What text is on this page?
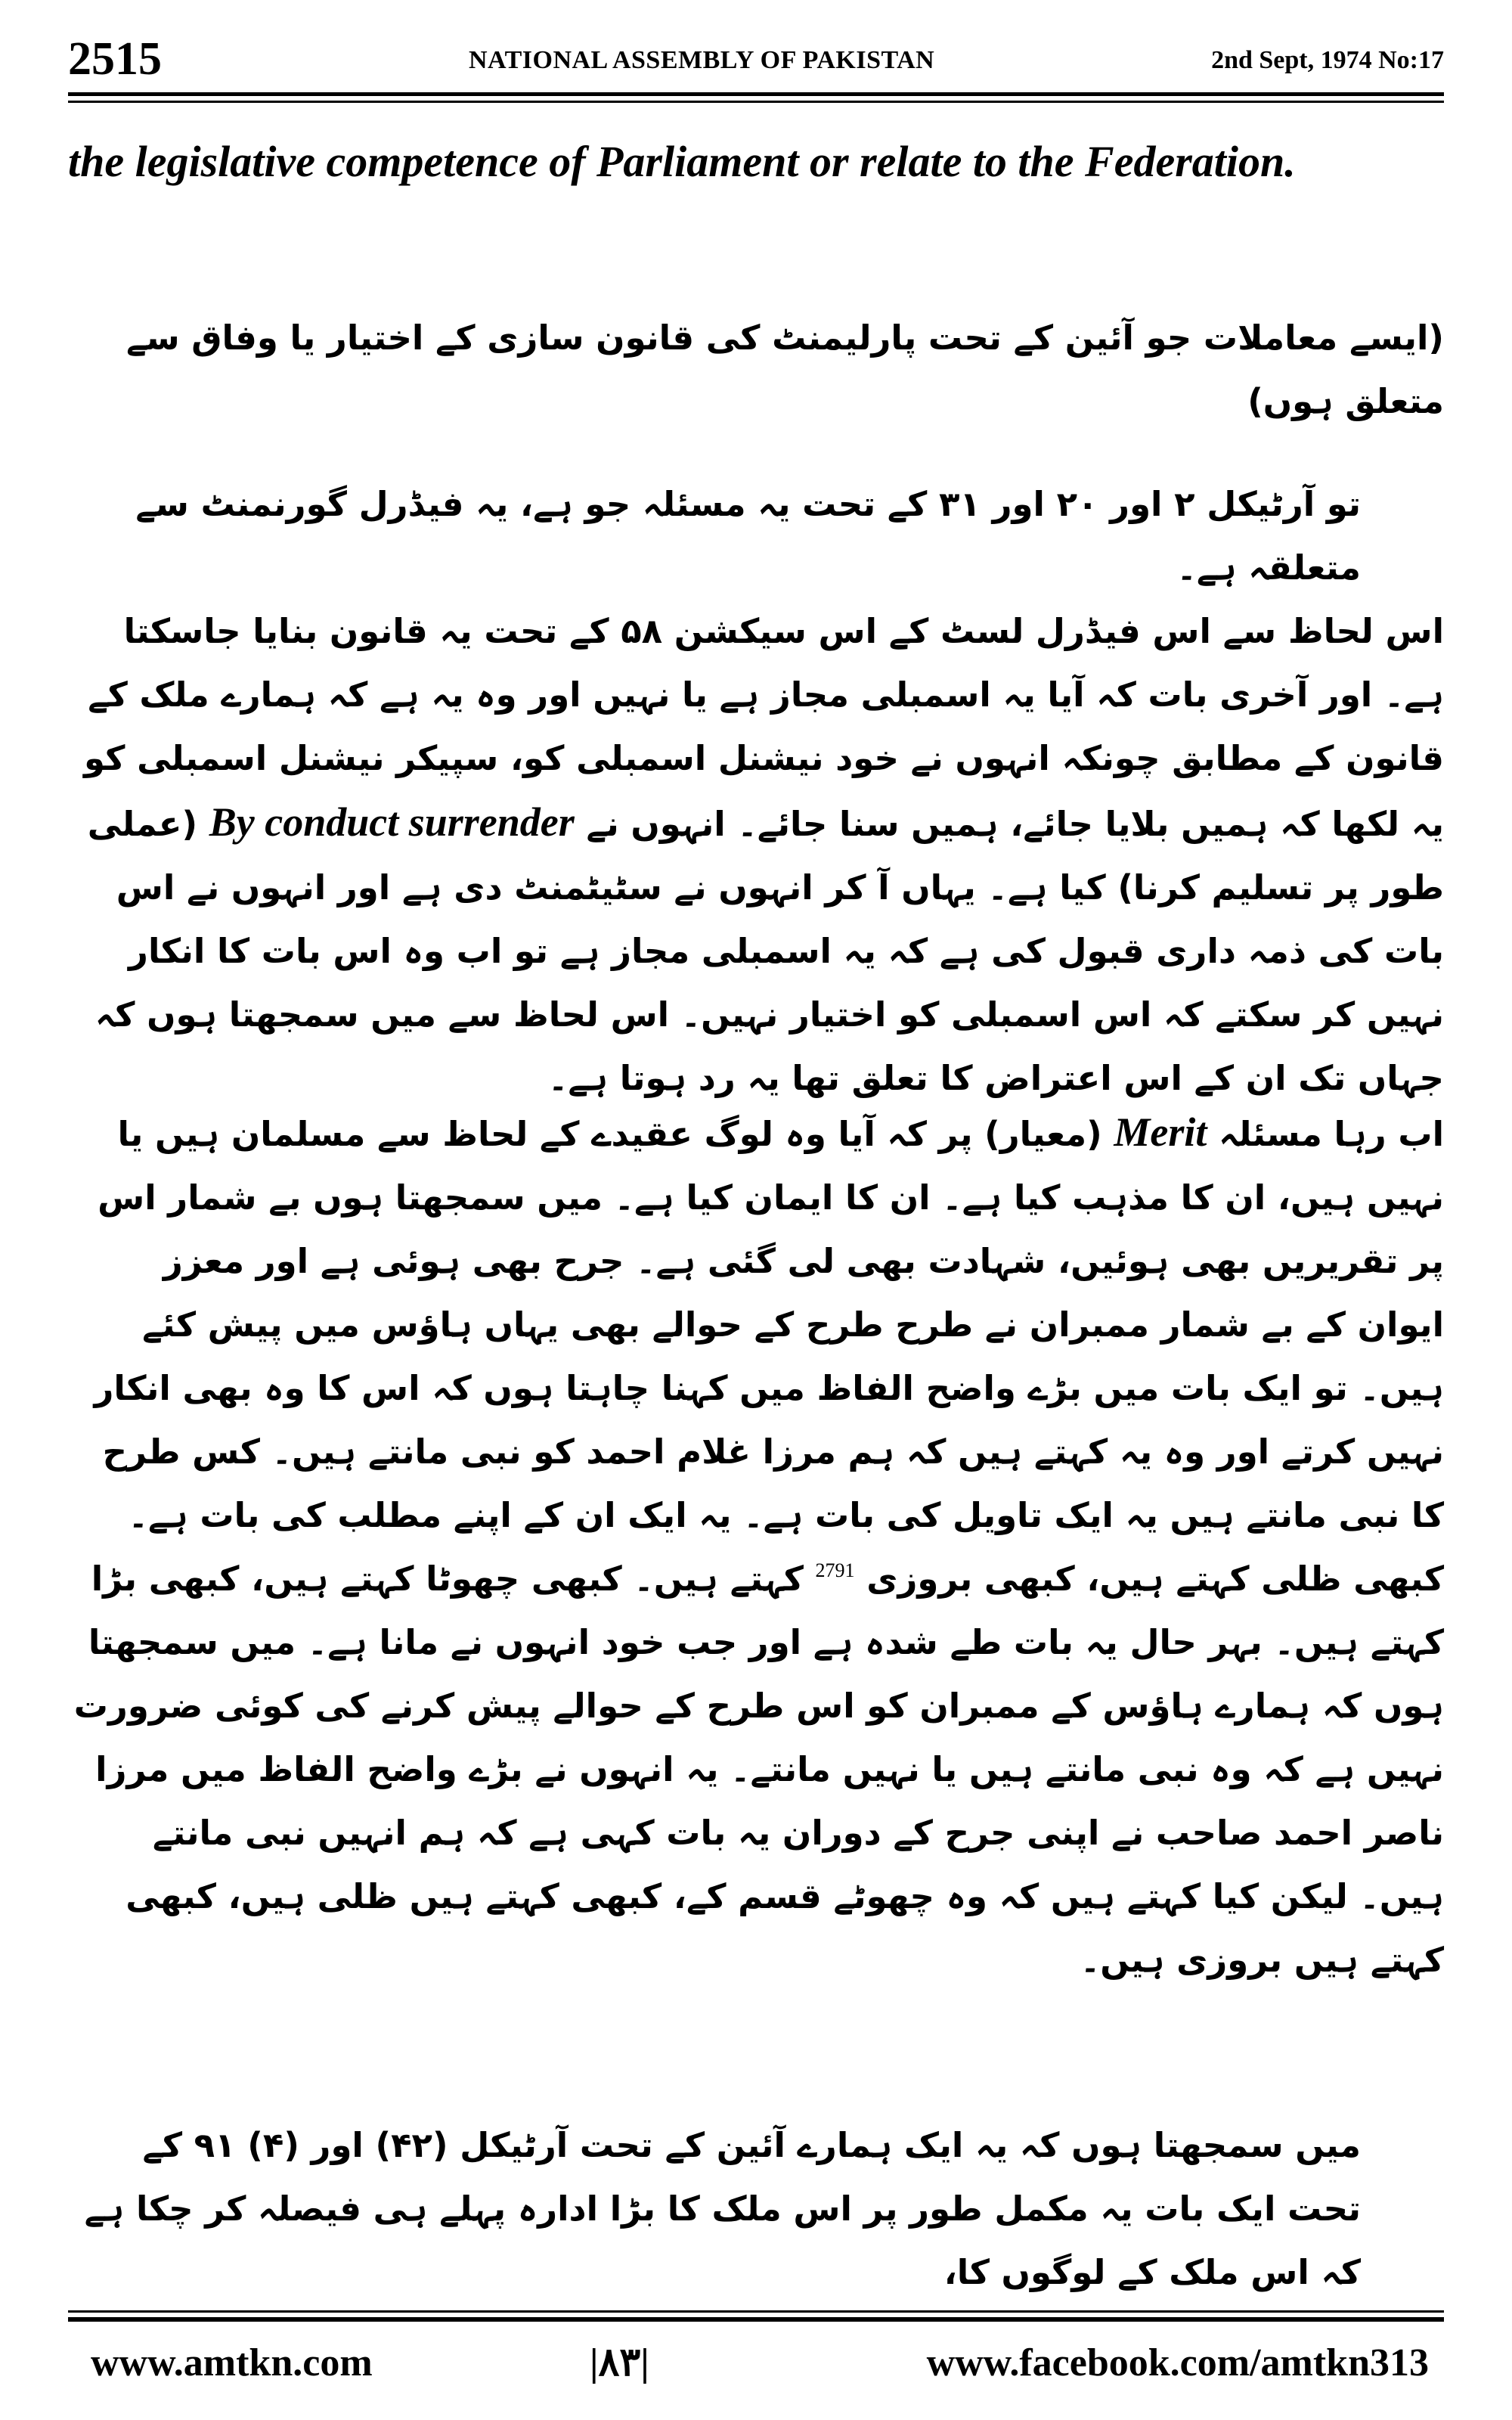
2515	NATIONAL ASSEMBLY OF PAKISTAN	2nd Sept, 1974 No:17
the legislative competence of Parliament or relate to the Federation.

(ایسے معاملات جو آئین کے تحت پارلیمنٹ کی قانون سازی کے اختیار یا وفاق سے متعلق ہوں)

تو آرٹیکل ۲ اور ۲۰ اور ۳۱ کے تحت یہ مسئلہ جو ہے، یہ فیڈرل گورنمنٹ سے متعلقہ ہے۔

اس لحاظ سے اس فیڈرل لسٹ کے اس سیکشن ۵۸ کے تحت یہ قانون بنایا جاسکتا ہے۔ اور آخری بات کہ آیا یہ اسمبلی مجاز ہے یا نہیں اور وہ یہ ہے کہ ہمارے ملک کے قانون کے مطابق چونکہ انہوں نے خود نیشنل اسمبلی کو، سپیکر نیشنل اسمبلی کو یہ لکھا کہ ہمیں بلایا جائے، ہمیں سنا جائے۔ انہوں نے By conduct surrender (عملی طور پر تسلیم کرنا) کیا ہے۔ یہاں آ کر انہوں نے سٹیٹمنٹ دی ہے اور انہوں نے اس بات کی ذمہ داری قبول کی ہے کہ یہ اسمبلی مجاز ہے تو اب وہ اس بات کا انکار نہیں کر سکتے کہ اس اسمبلی کو اختیار نہیں۔ اس لحاظ سے میں سمجھتا ہوں کہ جہاں تک ان کے اس اعتراض کا تعلق تھا یہ رد ہوتا ہے۔

اب رہا مسئلہ Merit (معیار) پر کہ آیا وہ لوگ عقیدے کے لحاظ سے مسلمان ہیں یا نہیں ہیں، ان کا مذہب کیا ہے۔ ان کا ایمان کیا ہے۔ میں سمجھتا ہوں بے شمار اس پر تقریریں بھی ہوئیں، شہادت بھی لی گئی ہے۔ جرح بھی ہوئی ہے اور معزز ایوان کے بے شمار ممبران نے طرح طرح کے حوالے بھی یہاں ہاؤس میں پیش کئے ہیں۔ تو ایک بات میں بڑے واضح الفاظ میں کہنا چاہتا ہوں کہ اس کا وہ بھی انکار نہیں کرتے اور وہ یہ کہتے ہیں کہ ہم مرزا غلام احمد کو نبی مانتے ہیں۔ کس طرح کا نبی مانتے ہیں یہ ایک تاویل کی بات ہے۔ یہ ایک ان کے اپنے مطلب کی بات ہے۔ کبھی ظلی کہتے ہیں، کبھی بروزی $^{2791}$ کہتے ہیں۔ کبھی چھوٹا کہتے ہیں، کبھی بڑا کہتے ہیں۔ بہر حال یہ بات طے شدہ ہے اور جب خود انہوں نے مانا ہے۔ میں سمجھتا ہوں کہ ہمارے ہاؤس کے ممبران کو اس طرح کے حوالے پیش کرنے کی کوئی ضرورت نہیں ہے کہ وہ نبی مانتے ہیں یا نہیں مانتے۔ یہ انہوں نے بڑے واضح الفاظ میں مرزا ناصر احمد صاحب نے اپنی جرح کے دوران یہ بات کہی ہے کہ ہم انہیں نبی مانتے ہیں۔ لیکن کیا کہتے ہیں کہ وہ چھوٹے قسم کے، کبھی کہتے ہیں ظلی ہیں، کبھی کہتے ہیں بروزی ہیں۔

میں سمجھتا ہوں کہ یہ ایک ہمارے آئین کے تحت آرٹیکل (۴۲) اور (۴) ۹۱ کے تحت ایک بات یہ مکمل طور پر اس ملک کا بڑا ادارہ پہلے ہی فیصلہ کر چکا ہے کہ اس ملک کے لوگوں کا،

www.amtkn.com	|۸۳|	www.facebook.com/amtkn313
